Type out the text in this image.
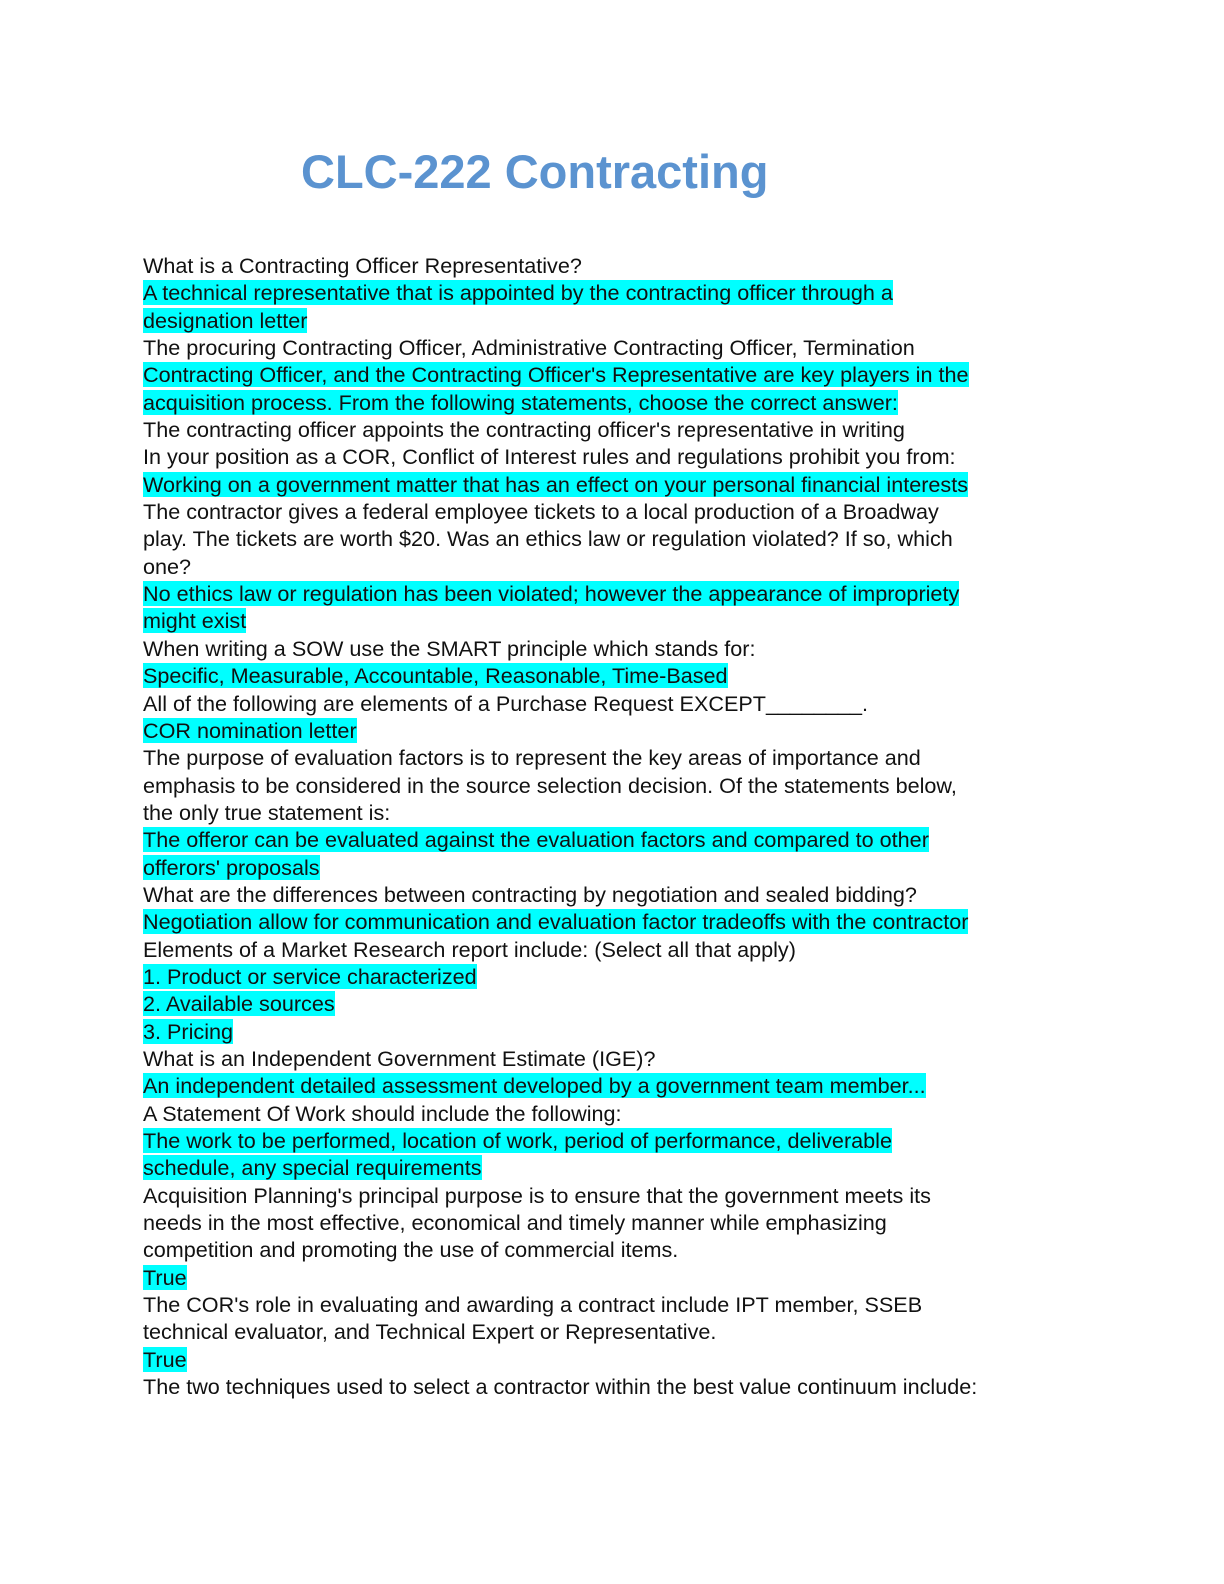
CLC-222 Contracting
What is a Contracting Officer Representative?
A technical representative that is appointed by the contracting officer through a
designation letter
The procuring Contracting Officer, Administrative Contracting Officer, Termination
Contracting Officer, and the Contracting Officer's Representative are key players in the
acquisition process. From the following statements, choose the correct answer:
The contracting officer appoints the contracting officer's representative in writing
In your position as a COR, Conflict of Interest rules and regulations prohibit you from:
Working on a government matter that has an effect on your personal financial interests
The contractor gives a federal employee tickets to a local production of a Broadway
play. The tickets are worth $20. Was an ethics law or regulation violated? If so, which
one?
No ethics law or regulation has been violated; however the appearance of impropriety
might exist
When writing a SOW use the SMART principle which stands for:
Specific, Measurable, Accountable, Reasonable, Time-Based
All of the following are elements of a Purchase Request EXCEPT________.
COR nomination letter
The purpose of evaluation factors is to represent the key areas of importance and
emphasis to be considered in the source selection decision. Of the statements below,
the only true statement is:
The offeror can be evaluated against the evaluation factors and compared to other
offerors' proposals
What are the differences between contracting by negotiation and sealed bidding?
Negotiation allow for communication and evaluation factor tradeoffs with the contractor
Elements of a Market Research report include: (Select all that apply)
1. Product or service characterized
2. Available sources
3. Pricing
What is an Independent Government Estimate (IGE)?
An independent detailed assessment developed by a government team member...
A Statement Of Work should include the following:
The work to be performed, location of work, period of performance, deliverable
schedule, any special requirements
Acquisition Planning's principal purpose is to ensure that the government meets its
needs in the most effective, economical and timely manner while emphasizing
competition and promoting the use of commercial items.
True
The COR's role in evaluating and awarding a contract include IPT member, SSEB
technical evaluator, and Technical Expert or Representative.
True
The two techniques used to select a contractor within the best value continuum include:
